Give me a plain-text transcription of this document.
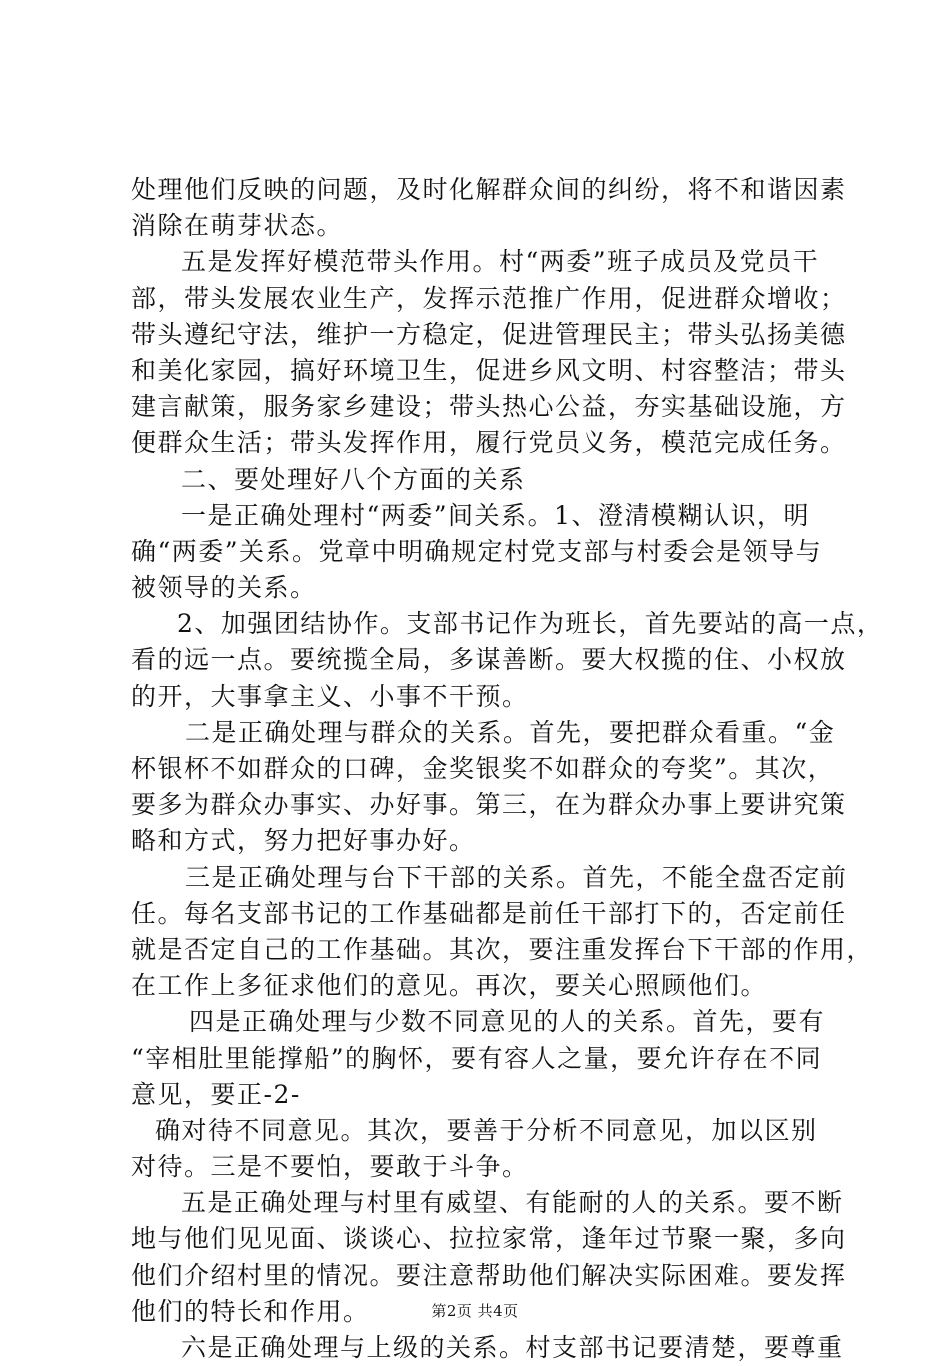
处理他们反映的问题，及时化解群众间的纠纷，将不和谐因素
消除在萌芽状态。
五是发挥好模范带头作用。村“两委”班子成员及党员干
部，带头发展农业生产，发挥示范推广作用，促进群众增收；
带头遵纪守法，维护一方稳定，促进管理民主；带头弘扬美德
和美化家园，搞好环境卫生，促进乡风文明、村容整洁；带头
建言献策，服务家乡建设；带头热心公益，夯实基础设施，方
便群众生活；带头发挥作用，履行党员义务，模范完成任务。
二、要处理好八个方面的关系
一是正确处理村“两委”间关系。1、澄清模糊认识，明
确“两委”关系。党章中明确规定村党支部与村委会是领导与
被领导的关系。
2、加强团结协作。支部书记作为班长，首先要站的高一点，
看的远一点。要统揽全局，多谋善断。要大权揽的住、小权放
的开，大事拿主义、小事不干预。
二是正确处理与群众的关系。首先，要把群众看重。“金
杯银杯不如群众的口碑，金奖银奖不如群众的夸奖”。其次，
要多为群众办事实、办好事。第三，在为群众办事上要讲究策
略和方式，努力把好事办好。
三是正确处理与台下干部的关系。首先，不能全盘否定前
任。每名支部书记的工作基础都是前任干部打下的，否定前任
就是否定自己的工作基础。其次，要注重发挥台下干部的作用，
在工作上多征求他们的意见。再次，要关心照顾他们。
四是正确处理与少数不同意见的人的关系。首先，要有
“宰相肚里能撑船”的胸怀，要有容人之量，要允许存在不同
意见，要正-2-
确对待不同意见。其次，要善于分析不同意见，加以区别
对待。三是不要怕，要敢于斗争。
五是正确处理与村里有威望、有能耐的人的关系。要不断
地与他们见见面、谈谈心、拉拉家常，逢年过节聚一聚，多向
他们介绍村里的情况。要注意帮助他们解决实际困难。要发挥
他们的特长和作用。
六是正确处理与上级的关系。村支部书记要清楚，要尊重
第2页 共4页
